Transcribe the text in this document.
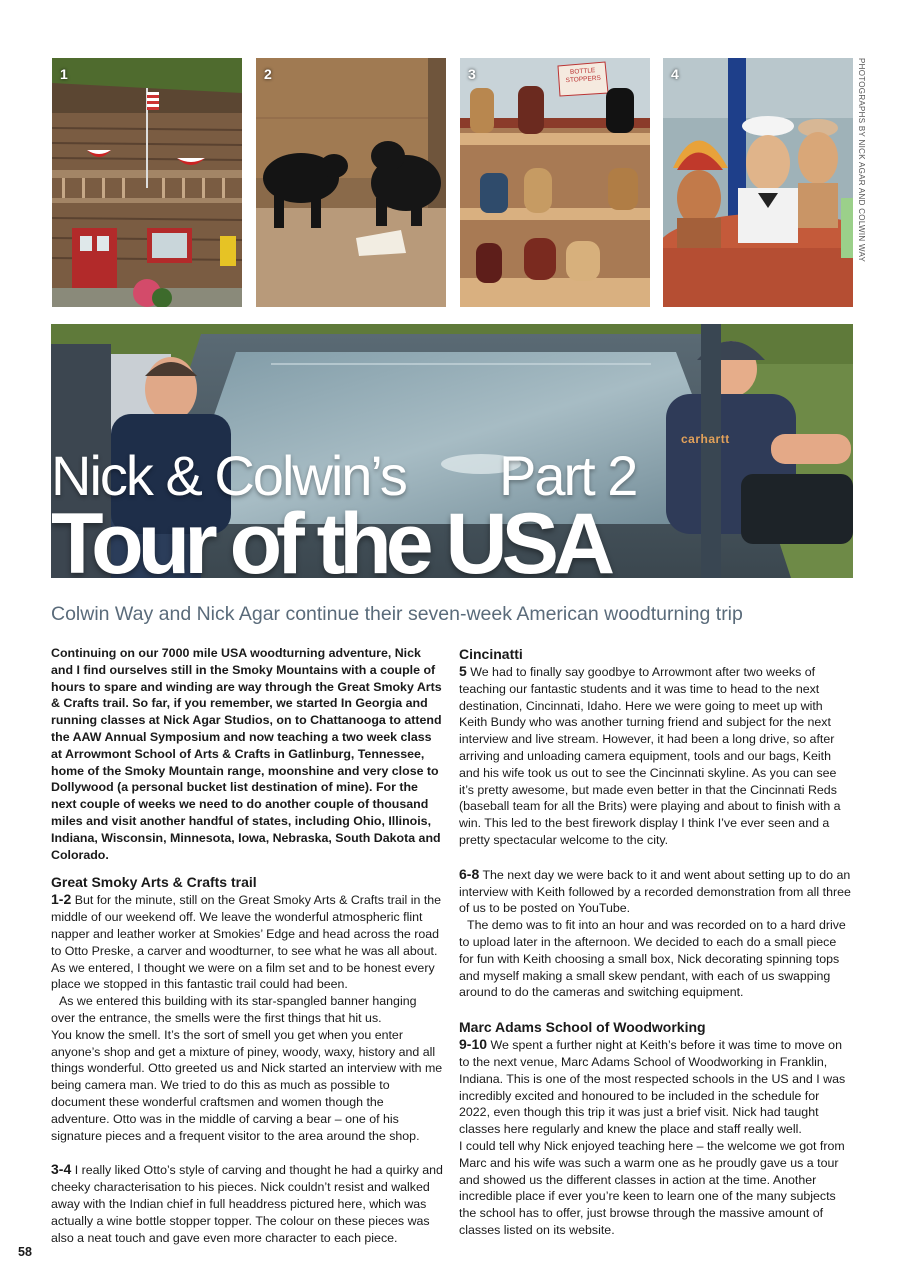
1	2	3	BOTTLE STOPPERS	4	PHOTOGRAPHS BY NICK AGAR AND COLWIN WAY
carhartt
Nick & Colwin’s Part 2
Tour of the USA
Colwin Way and Nick Agar continue their seven-week American woodturning trip

Continuing on our 7000 mile USA woodturning adventure, Nick and I find ourselves still in the Smoky Mountains with a couple of hours to spare and winding are way through the Great Smoky Arts & Crafts trail. So far, if you remember, we started In Georgia and running classes at Nick Agar Studios, on to Chattanooga to attend the AAW Annual Symposium and now teaching a two week class at Arrowmont School of Arts & Crafts in Gatlinburg, Tennessee, home of the Smoky Mountain range, moonshine and very close to Dollywood (a personal bucket list destination of mine). For the next couple of weeks we need to do another couple of thousand miles and visit another handful of states, including Ohio, Illinois, Indiana, Wisconsin, Minnesota, Iowa, Nebraska, South Dakota and Colorado.

Great Smoky Arts & Crafts trail

1-2 But for the minute, still on the Great Smoky Arts & Crafts trail in the middle of our weekend off. We leave the wonderful atmospheric flint napper and leather worker at Smokies’ Edge and head across the road to Otto Preske, a carver and woodturner, to see what he was all about. As we entered, I thought we were on a film set and to be honest every place we stopped in this fantastic trail could had been.

As we entered this building with its star-spangled banner hanging over the entrance, the smells were the first things that hit us.

You know the smell. It’s the sort of smell you get when you enter anyone’s shop and get a mixture of piney, woody, waxy, history and all things wonderful. Otto greeted us and Nick started an interview with me being camera man. We tried to do this as much as possible to document these wonderful craftsmen and women though the adventure. Otto was in the middle of carving a bear – one of his signature pieces and a frequent visitor to the area around the shop.

3-4 I really liked Otto’s style of carving and thought he had a quirky and cheeky characterisation to his pieces. Nick couldn’t resist and walked away with the Indian chief in full headdress pictured here, which was actually a wine bottle stopper topper. The colour on these pieces was also a neat touch and gave even more character to each piece.

Cincinatti

5 We had to finally say goodbye to Arrowmont after two weeks of teaching our fantastic students and it was time to head to the next destination, Cincinnati, Idaho. Here we were going to meet up with Keith Bundy who was another turning friend and subject for the next interview and live stream. However, it had been a long drive, so after arriving and unloading camera equipment, tools and our bags, Keith and his wife took us out to see the Cincinnati skyline. As you can see it’s pretty awesome, but made even better in that the Cincinnati Reds (baseball team for all the Brits) were playing and about to finish with a win. This led to the best firework display I think I’ve ever seen and a pretty spectacular welcome to the city.

6-8 The next day we were back to it and went about setting up to do an interview with Keith followed by a recorded demonstration from all three of us to be posted on YouTube.

The demo was to fit into an hour and was recorded on to a hard drive to upload later in the afternoon. We decided to each do a small piece for fun with Keith choosing a small box, Nick decorating spinning tops and myself making a small skew pendant, with each of us swapping around to do the cameras and switching equipment.

Marc Adams School of Woodworking

9-10 We spent a further night at Keith’s before it was time to move on to the next venue, Marc Adams School of Woodworking in Franklin, Indiana. This is one of the most respected schools in the US and I was incredibly excited and honoured to be included in the schedule for 2022, even though this trip it was just a brief visit. Nick had taught classes here regularly and knew the place and staff really well.

I could tell why Nick enjoyed teaching here – the welcome we got from Marc and his wife was such a warm one as he proudly gave us a tour and showed us the different classes in action at the time. Another incredible place if ever you’re keen to learn one of the many subjects the school has to offer, just browse through the massive amount of classes listed on its website.

58
